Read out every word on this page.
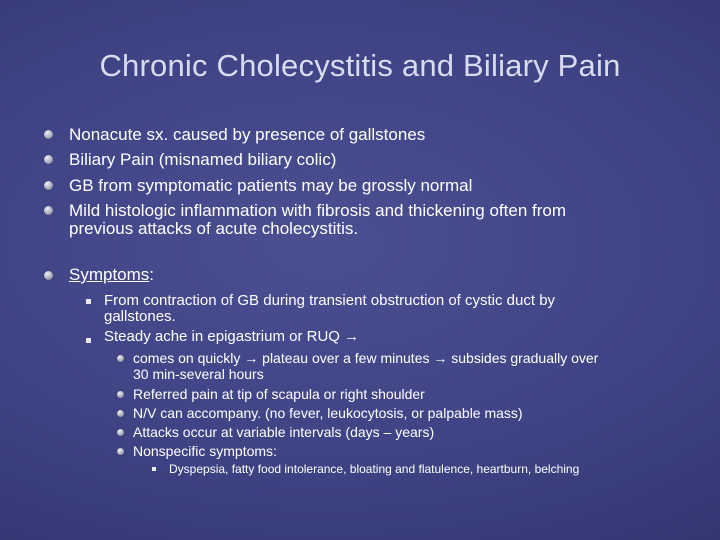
Chronic Cholecystitis and Biliary Pain
Nonacute sx. caused by presence of gallstones
Biliary Pain (misnamed biliary colic)
GB from symptomatic patients may be grossly normal
Mild histologic inflammation with fibrosis and thickening often from
previous attacks of acute cholecystitis.
Symptoms:
From contraction of GB during transient obstruction of cystic duct by
gallstones.
Steady ache in epigastrium or RUQ →
comes on quickly → plateau over a few minutes → subsides gradually over
30 min-several hours
Referred pain at tip of scapula or right shoulder
N/V can accompany. (no fever, leukocytosis, or palpable mass)
Attacks occur at variable intervals (days – years)
Nonspecific symptoms:
Dyspepsia, fatty food intolerance, bloating and flatulence, heartburn, belching
